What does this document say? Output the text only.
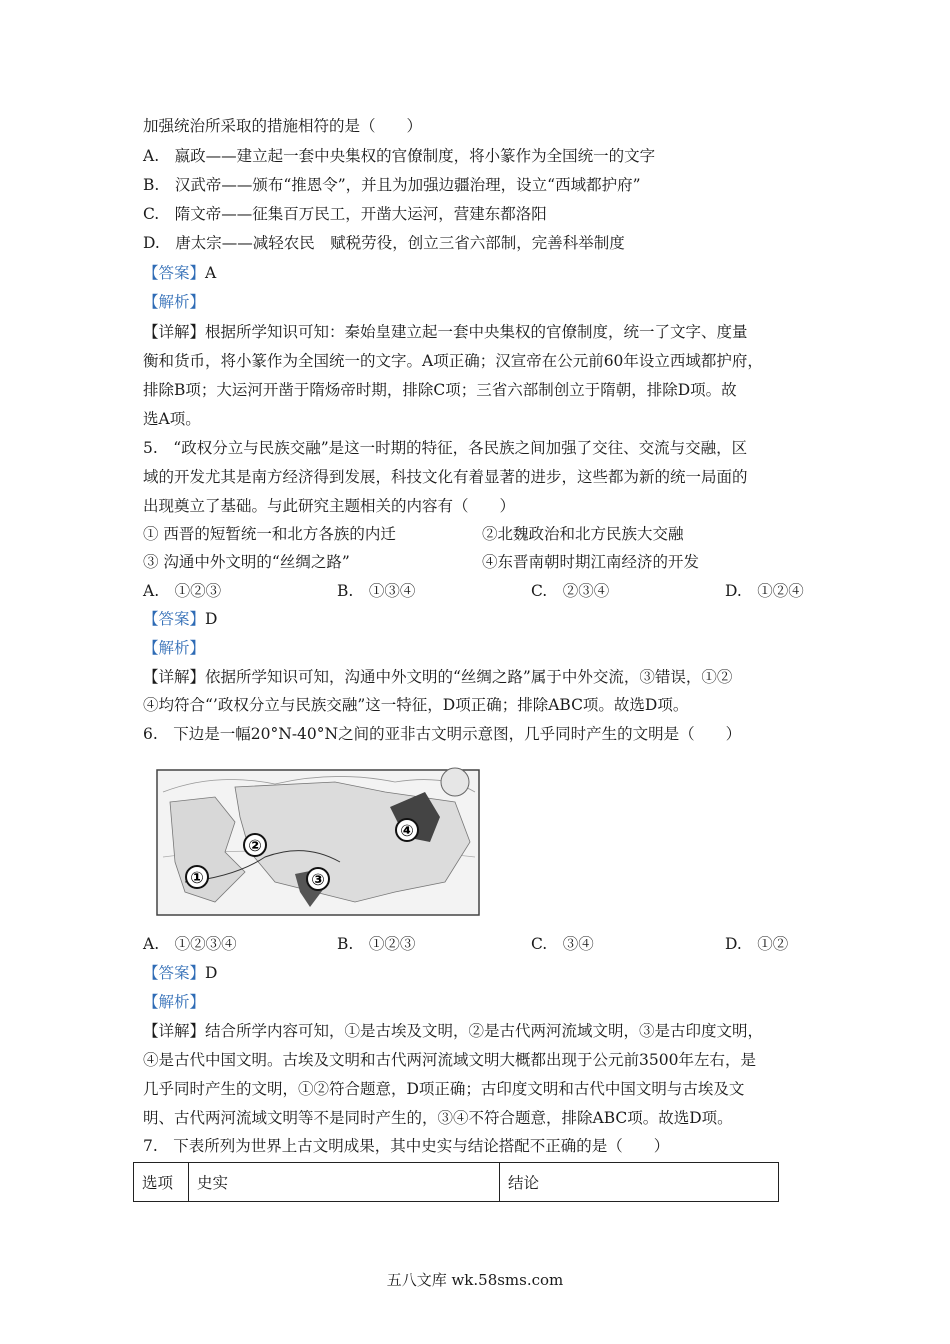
加强统治所采取的措施相符的是（　　）
A.　嬴政——建立起一套中央集权的官僚制度，将小篆作为全国统一的文字
B.　汉武帝——颁布“推恩令”，并且为加强边疆治理，设立“西域都护府”
C.　隋文帝——征集百万民工，开凿大运河，营建东都洛阳
D.　唐太宗——减轻农民　赋税劳役，创立三省六部制，完善科举制度
【答案】A
【解析】
【详解】根据所学知识可知：秦始皇建立起一套中央集权的官僚制度，统一了文字、度量
衡和货币，将小篆作为全国统一的文字。A项正确；汉宣帝在公元前60年设立西域都护府，
排除B项；大运河开凿于隋炀帝时期，排除C项；三省六部制创立于隋朝，排除D项。故
选A项。
5.　“政权分立与民族交融”是这一时期的特征，各民族之间加强了交往、交流与交融，区
域的开发尤其是南方经济得到发展，科技文化有着显著的进步，这些都为新的统一局面的
出现奠立了基础。与此研究主题相关的内容有（　　）
① 西晋的短暂统一和北方各族的内迁	②北魏政治和北方民族大交融
③ 沟通中外文明的“丝绸之路”	④东晋南朝时期江南经济的开发
A.　①②③	B.　①③④	C.　②③④	D.　①②④
【答案】D
【解析】
【详解】依据所学知识可知，沟通中外文明的“丝绸之路”属于中外交流，③错误，①②
④均符合“’政权分立与民族交融”这一特征，D项正确；排除ABC项。故选D项。
6.　下边是一幅20°N-40°N之间的亚非古文明示意图，几乎同时产生的文明是（　　）
①
②
③
④
A.　①②③④	B.　①②③	C.　③④	D.　①②
【答案】D
【解析】
【详解】结合所学内容可知，①是古埃及文明，②是古代两河流域文明，③是古印度文明，
④是古代中国文明。古埃及文明和古代两河流域文明大概都出现于公元前3500年左右，是
几乎同时产生的文明，①②符合题意，D项正确；古印度文明和古代中国文明与古埃及文
明、古代两河流域文明等不是同时产生的，③④不符合题意，排除ABC项。故选D项。
7.　下表所列为世界上古文明成果，其中史实与结论搭配不正确的是（　　）
选项	史实	结论
五八文库 wk.58sms.com
